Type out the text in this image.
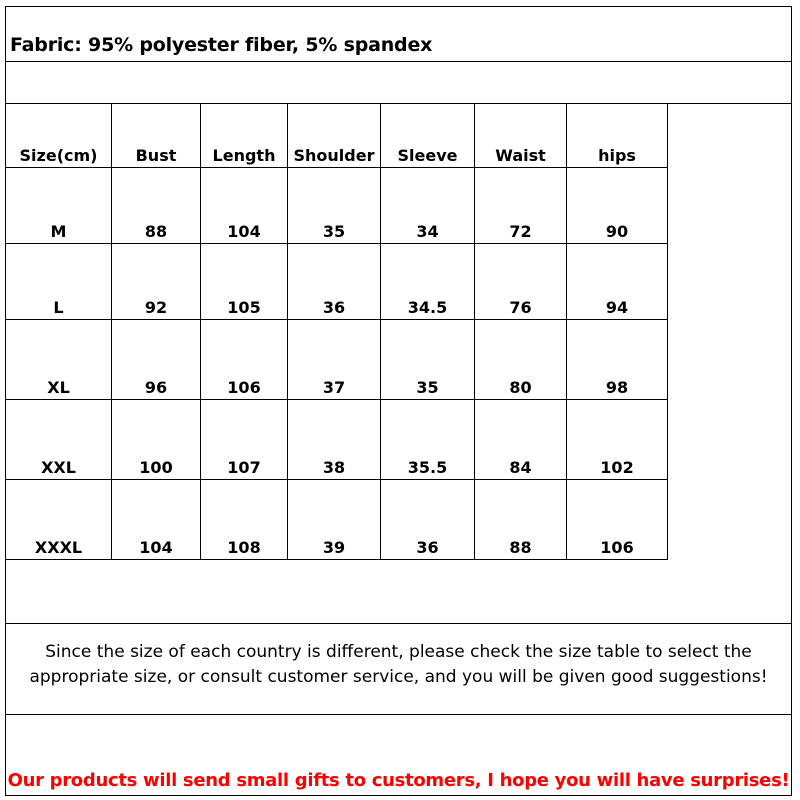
Fabric: 95% polyester fiber, 5% spandex
Size(cm)	Bust	Length	Shoulder	Sleeve	Waist	hips
M	88	104	35	34	72	90
L	92	105	36	34.5	76	94
XL	96	106	37	35	80	98
XXL	100	107	38	35.5	84	102
XXXL	104	108	39	36	88	106
Since the size of each country is different, please check the size table to select the appropriate size, or consult customer service, and you will be given good suggestions!
Our products will send small gifts to customers, I hope you will have surprises!
